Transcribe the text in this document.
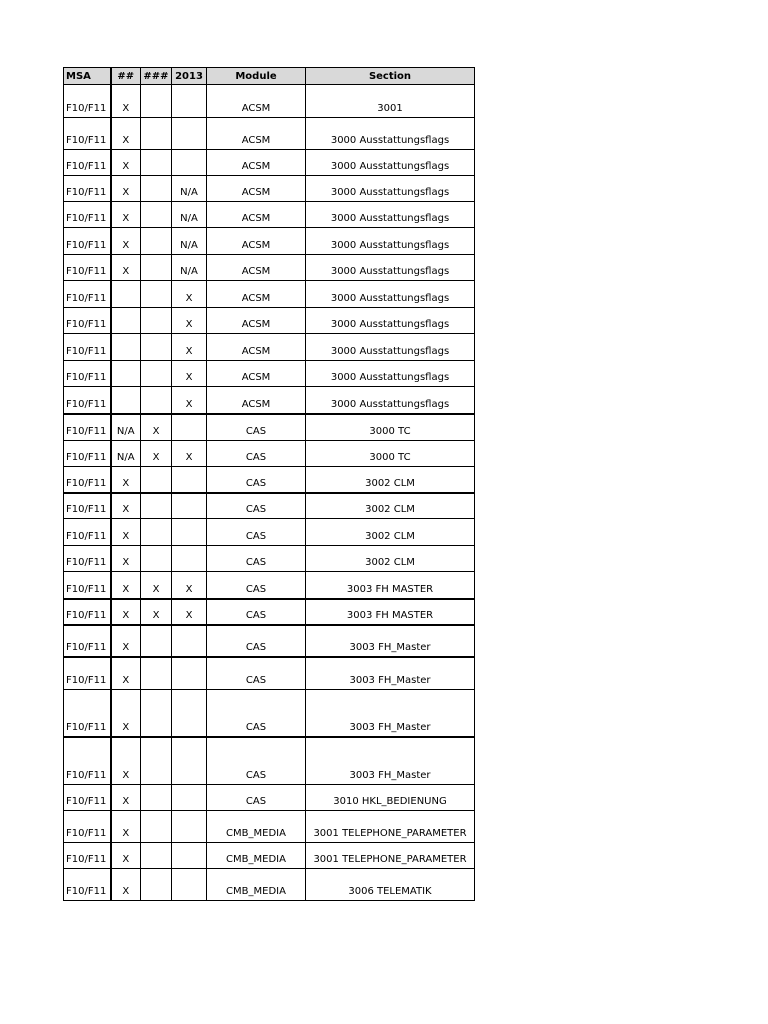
MSA	##	###	2013	Module	Section
F10/F11	X			ACSM	3001
F10/F11	X			ACSM	3000 Ausstattungsflags
F10/F11	X			ACSM	3000 Ausstattungsflags
F10/F11	X		N/A	ACSM	3000 Ausstattungsflags
F10/F11	X		N/A	ACSM	3000 Ausstattungsflags
F10/F11	X		N/A	ACSM	3000 Ausstattungsflags
F10/F11	X		N/A	ACSM	3000 Ausstattungsflags
F10/F11			X	ACSM	3000 Ausstattungsflags
F10/F11			X	ACSM	3000 Ausstattungsflags
F10/F11			X	ACSM	3000 Ausstattungsflags
F10/F11			X	ACSM	3000 Ausstattungsflags
F10/F11			X	ACSM	3000 Ausstattungsflags
F10/F11	N/A	X		CAS	3000 TC
F10/F11	N/A	X	X	CAS	3000 TC
F10/F11	X			CAS	3002 CLM
F10/F11	X			CAS	3002 CLM
F10/F11	X			CAS	3002 CLM
F10/F11	X			CAS	3002 CLM
F10/F11	X	X	X	CAS	3003 FH MASTER
F10/F11	X	X	X	CAS	3003 FH MASTER
F10/F11	X			CAS	3003 FH_Master
F10/F11	X			CAS	3003 FH_Master
F10/F11	X			CAS	3003 FH_Master
F10/F11	X			CAS	3003 FH_Master
F10/F11	X			CAS	3010 HKL_BEDIENUNG
F10/F11	X			CMB_MEDIA	3001 TELEPHONE_PARAMETER
F10/F11	X			CMB_MEDIA	3001 TELEPHONE_PARAMETER
F10/F11	X			CMB_MEDIA	3006 TELEMATIK
